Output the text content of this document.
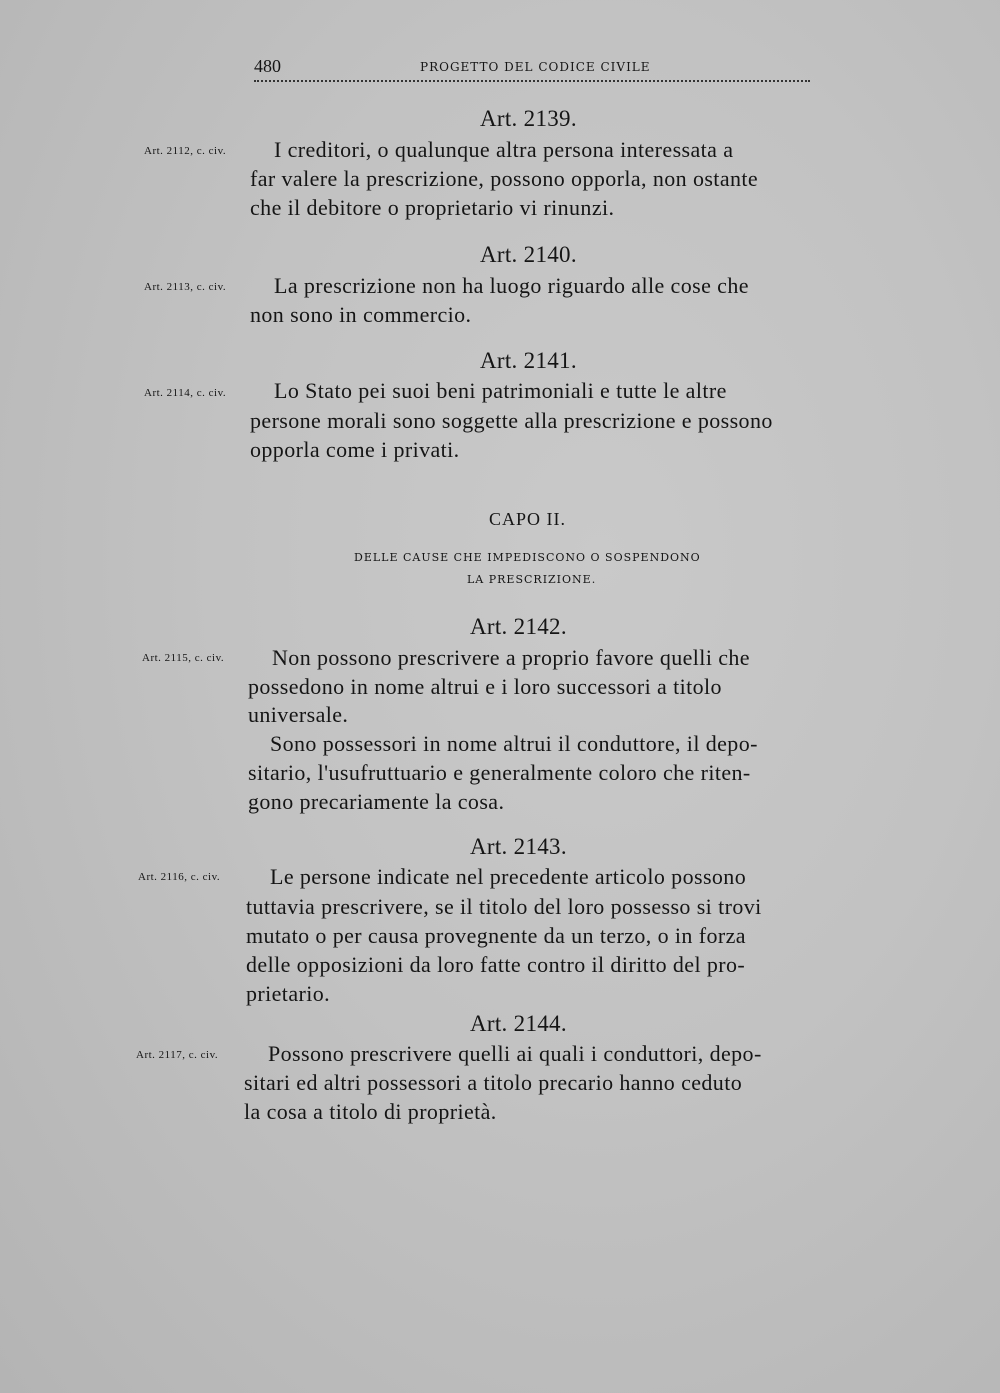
480	PROGETTO DEL CODICE CIVILE
Art. 2139.
Art. 2112, c. civ. I creditori, o qualunque altra persona interessata a
far valere la prescrizione, possono opporla, non ostante
che il debitore o proprietario vi rinunzi.
Art. 2140.
Art. 2113, c. civ. La prescrizione non ha luogo riguardo alle cose che
non sono in commercio.
Art. 2141.
Art. 2114, c. civ. Lo Stato pei suoi beni patrimoniali e tutte le altre
persone morali sono soggette alla prescrizione e possono
opporla come i privati.
CAPO II.
DELLE CAUSE CHE IMPEDISCONO O SOSPENDONO
LA PRESCRIZIONE.
Art. 2142.
Art. 2115, c. civ. Non possono prescrivere a proprio favore quelli che
possedono in nome altrui e i loro successori a titolo
universale.
Sono possessori in nome altrui il conduttore, il depo-
sitario, l'usufruttuario e generalmente coloro che riten-
gono precariamente la cosa.
Art. 2143.
Art. 2116, c. civ. Le persone indicate nel precedente articolo possono
tuttavia prescrivere, se il titolo del loro possesso si trovi
mutato o per causa provegnente da un terzo, o in forza
delle opposizioni da loro fatte contro il diritto del pro-
prietario.
Art. 2144.
Art. 2117, c. civ. Possono prescrivere quelli ai quali i conduttori, depo-
sitari ed altri possessori a titolo precario hanno ceduto
la cosa a titolo di proprietà.
